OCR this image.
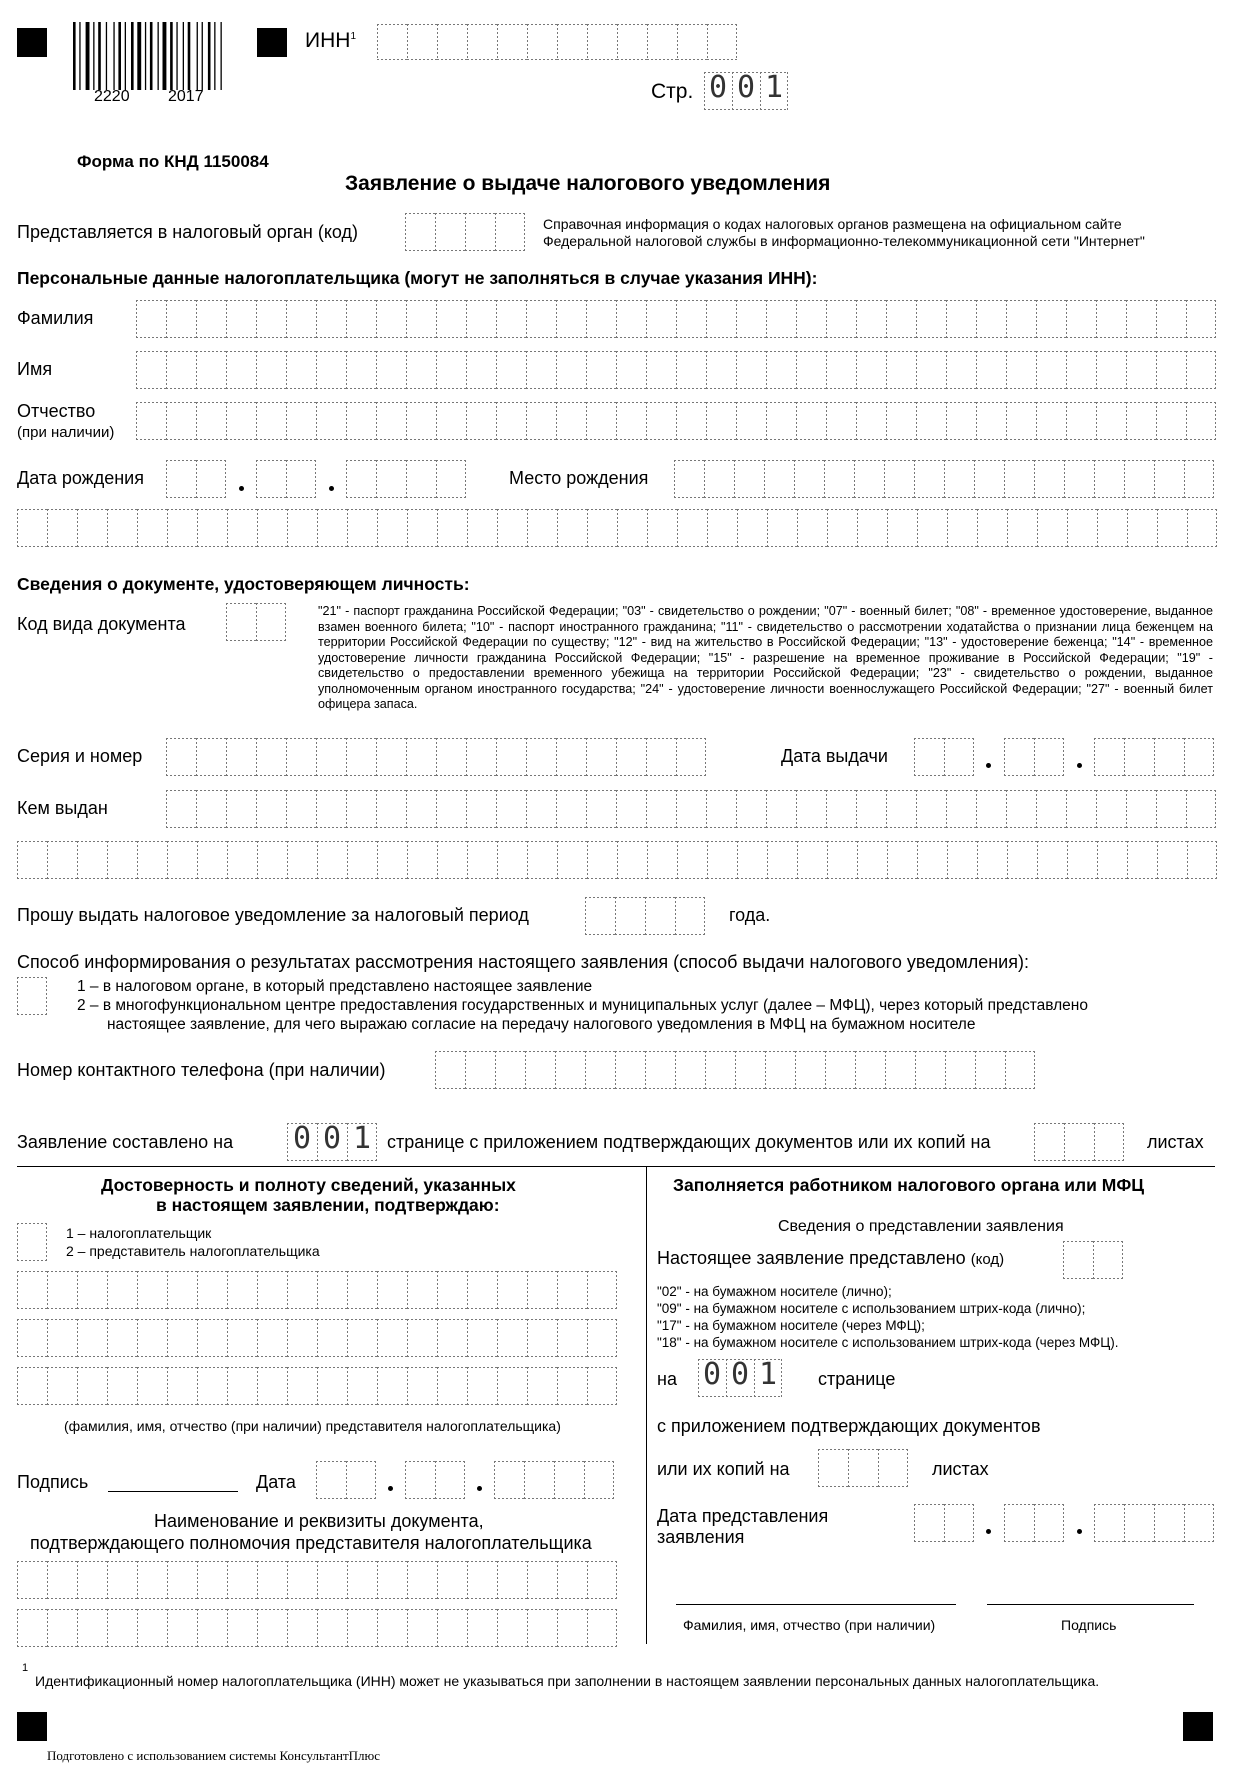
2220 2017
ИНН$^1$
Стр. 0 0 1
Форма по КНД 1150084
Заявление о выдаче налогового уведомления
Представляется в налоговый орган (код)	Справочная информация о кодах налоговых органов размещена на официальном сайте Федеральной налоговой службы в информационно-телекоммуникационной сети "Интернет"
Персональные данные налогоплательщика (могут не заполняться в случае указания ИНН):
Фамилия
Имя
Отчество
(при наличии)
Дата рождения	Место рождения
Сведения о документе, удостоверяющем личность:
Код вида документа
"21" - паспорт гражданина Российской Федерации; "03" - свидетельство о рождении; "07" - военный билет; "08" - временное удостоверение, выданное взамен военного билета; "10" - паспорт иностранного гражданина; "11" - свидетельство о рассмотрении ходатайства о признании лица беженцем на территории Российской Федерации по существу; "12" - вид на жительство в Российской Федерации; "13" - удостоверение беженца; "14" - временное удостоверение личности гражданина Российской Федерации; "15" - разрешение на временное проживание в Российской Федерации; "19" - свидетельство о предоставлении временного убежища на территории Российской Федерации; "23" - свидетельство о рождении, выданное уполномоченным органом иностранного государства; "24" - удостоверение личности военнослужащего Российской Федерации; "27" - военный билет офицера запаса.
Серия и номер	Дата выдачи
Кем выдан
Прошу выдать налоговое уведомление за налоговый период	года.
Способ информирования о результатах рассмотрения настоящего заявления (способ выдачи налогового уведомления):
1 – в налоговом органе, в который представлено настоящее заявление
2 – в многофункциональном центре предоставления государственных и муниципальных услуг (далее – МФЦ), через который представлено
настоящее заявление, для чего выражаю согласие на передачу налогового уведомления в МФЦ на бумажном носителе
Номер контактного телефона (при наличии)
Заявление составлено на 0 0 1 странице с приложением подтверждающих документов или их копий на	листах
Достоверность и полноту сведений, указанных
в настоящем заявлении, подтверждаю:
1 – налогоплательщик
2 – представитель налогоплательщика
(фамилия, имя, отчество (при наличии) представителя налогоплательщика)
Подпись	Дата
Наименование и реквизиты документа,
подтверждающего полномочия представителя налогоплательщика
Заполняется работником налогового органа или МФЦ
Сведения о представлении заявления
Настоящее заявление представлено (код)
"02" - на бумажном носителе (лично);
"09" - на бумажном носителе с использованием штрих-кода (лично);
"17" - на бумажном носителе (через МФЦ);
"18" - на бумажном носителе с использованием штрих-кода (через МФЦ).
на 0 0 1 странице
с приложением подтверждающих документов
или их копий на	листах
Дата представления
заявления
Фамилия, имя, отчество (при наличии)	Подпись
1
Идентификационный номер налогоплательщика (ИНН) может не указываться при заполнении в настоящем заявлении персональных данных налогоплательщика.
Подготовлено с использованием системы КонсультантПлюс
